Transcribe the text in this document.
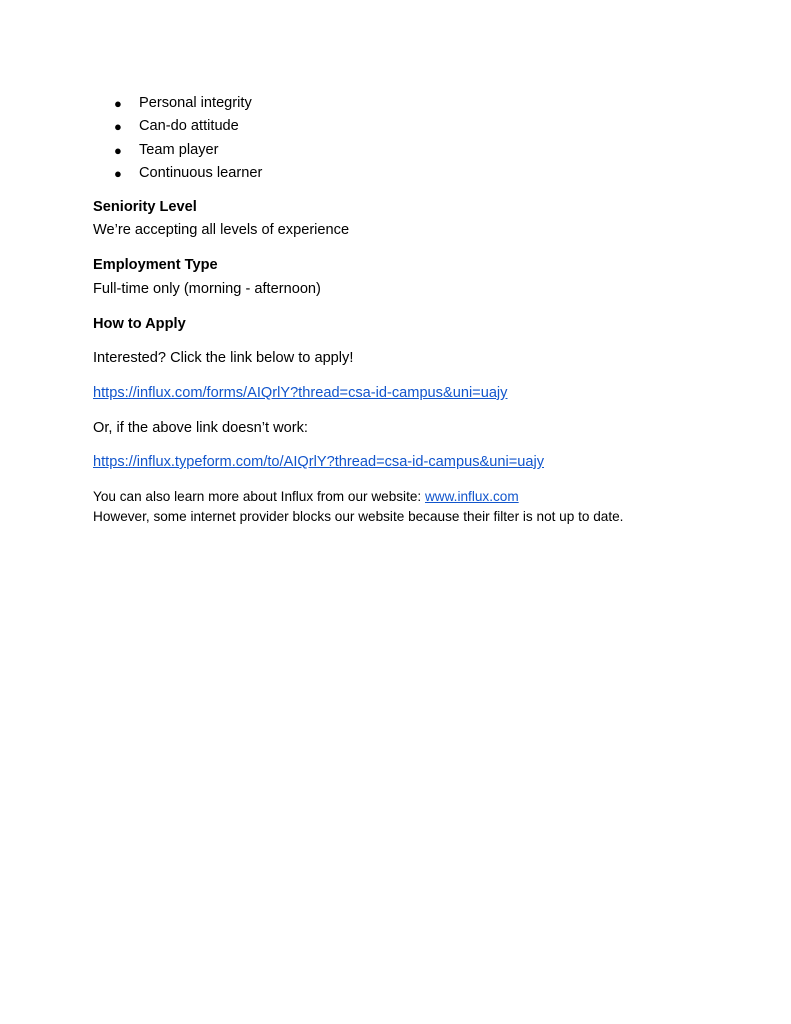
● Personal integrity
● Can-do attitude
● Team player
● Continuous learner
Seniority Level

We’re accepting all levels of experience

Employment Type

Full-time only (morning - afternoon)

How to Apply

Interested? Click the link below to apply!

https://influx.com/forms/AIQrlY?thread=csa-id-campus&uni=uajy

Or, if the above link doesn’t work:

https://influx.typeform.com/to/AIQrlY?thread=csa-id-campus&uni=uajy

You can also learn more about Influx from our website: www.influx.com

However, some internet provider blocks our website because their filter is not up to date.
